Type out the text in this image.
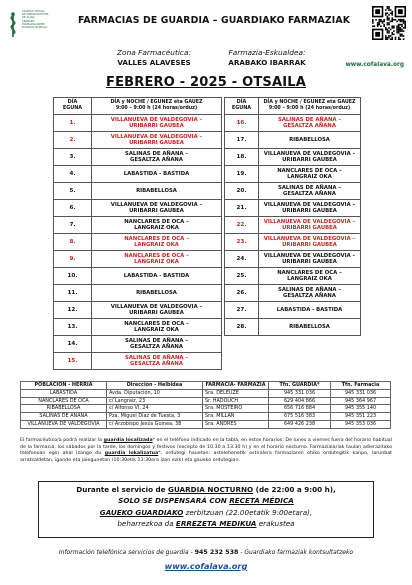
COLEGIO OFICIAL
DE FARMACÉUTICOS
DE ÁLAVA
ARABAKO
FARMAZIALARIEN
ELKARGO OFIZIALA
FARMACIAS DE GUARDIA – GUARDIAKO FARMAZIAK
Zona Farmacéutica:
VALLES ALAVESES
Farmazia-Eskualdea:
ARABAKO IBARRAK	www.cofalava.org
FEBRERO - 2025 - OTSAILA
DÍA
EGUNA	DÍA y NOCHE / EGUNEZ eta GAUEZ
9:00 – 9:00 h (24 horas/orduz)
1.	VILLANUEVA DE VALDEGOVIA –
URIBARRI GAUBEA
2.	VILLANUEVA DE VALDEGOVIA –
URIBARRI GAUBEA
3.	SALINAS DE AÑANA –
GESALTZA AÑANA
4.	LABASTIDA - BASTIDA
5.	RIBABELLOSA
6.	VILLANUEVA DE VALDEGOVIA –
URIBARRI GAUBEA
7.	NANCLARES DE OCA –
LANGRAIZ OKA
8.	NANCLARES DE OCA –
LANGRAIZ OKA
9.	NANCLARES DE OCA –
LANGRAIZ OKA
10.	LABASTIDA - BASTIDA
11.	RIBABELLOSA
12.	VILLANUEVA DE VALDEGOVIA –
URIBARRI GAUBEA
13.	NANCLARES DE OCA –
LANGRAIZ OKA
14.	SALINAS DE AÑANA –
GESALTZA AÑANA
15.	SALINAS DE AÑANA –
GESALTZA AÑANA
DÍA
EGUNA	DÍA y NOCHE / EGUNEZ eta GAUEZ
9:00 – 9:00 h (24 horas/orduz)
16.	SALINAS DE AÑANA –
GESALTZA AÑANA
17.	RIBABELLOSA
18.	VILLANUEVA DE VALDEGOVIA –
URIBARRI GAUBEA
19.	NANCLARES DE OCA –
LANGRAIZ OKA
20.	SALINAS DE AÑANA –
GESALTZA AÑANA
21.	VILLANUEVA DE VALDEGOVIA –
URIBARRI GAUBEA
22.	VILLANUEVA DE VALDEGOVIA –
URIBARRI GAUBEA
23.	VILLANUEVA DE VALDEGOVIA –
URIBARRI GAUBEA
24.	VILLANUEVA DE VALDEGOVIA –
URIBARRI GAUBEA
25.	NANCLARES DE OCA –
LANGRAIZ OKA
26.	SALINAS DE AÑANA –
GESALTZA AÑANA
27.	LABASTIDA - BASTIDA
28.	RIBABELLOSA
POBLACIÓN - HERRIA	Dirección - Helbidea	FARMACIA- FARMAZIA	Tfn. GUARDIA*	Tfn. Farmacia
LABASTIDA	Avda. Diputación, 10	Sra. DELEUZE	945 331 036	945 331 036
NANCLARES DE OCA	c/ Langraiz, 23	Sr. HADOUCH	629 404 866	945 364 967
RIBABELLOSA	c/ Alfonso VI, 24	Sra. MOSTEIRO	656 716 884	945 355 140
SALINAS DE AÑANA	Pza. Miguel Díaz de Tuesta, 3	Sra. MILLAN	675 516 383	945 351 223
VILLANUEVA DE VALDEGOVIA	c/ Arzobispo Jesús Guinea, 38	Sra. ANDRES	649 426 238	945 353 036
El farmacéutico/a podrá realizar la guardia localizada* en el teléfono indicado en la tabla, en estos horarios: De lunes a viernes fuera del horario habitual de la farmacia, los sábados por la tarde, los domingos y festivos (excepto de 10.30 a 13.30 h) y en el horario nocturno. Farmazialariak taulan adierazitako telefonoan egin ahal izango du guardia lokalizatua*, ordutegi hauetan: astelehenetik ostiralera farmaziaren ohiko ordutegitik kanpo, larunbat arratsaldetan, igande eta jaiegunetan (10:30etik 13:30era izan ezik) eta gaueko ordutegian.
Durante el servicio de GUARDIA NOCTURNO (de 22:00 a 9:00 h),
SOLO SE DISPENSARÁ CON RECETA MÉDICA
GAUEKO GUARDIAKO zerbitzuan (22.00etatik 9:00etara),
beharrezkoa da ERREZETA MEDIKUA erakustea
Información telefónica servicios de guardia - 945 232 538 - Guardiako farmaziak kontsultatzeko
www.cofalava.org
